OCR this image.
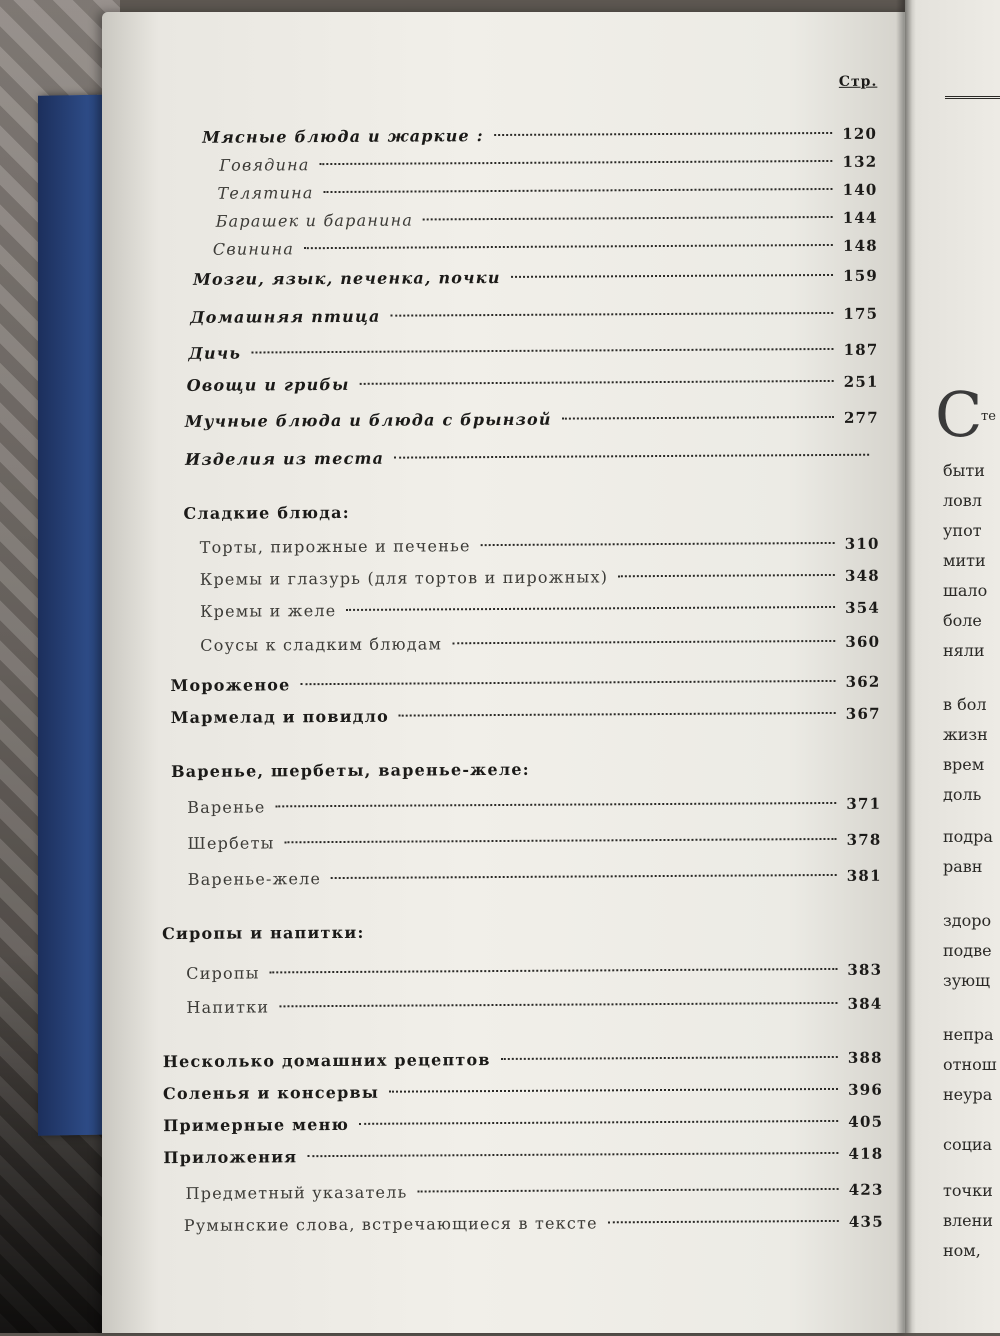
Стр.
Мясные блюда и жаркие :	120
Говядина	132
Телятина	140
Барашек и баранина	144
Свинина	148
Мозги, язык, печенка, почки	159
Домашняя птица	175
Дичь	187
Овощи и грибы	251
Мучные блюда и блюда с брынзой	277
Изделия из теста
Сладкие блюда:
Торты, пирожные и печенье	310
Кремы и глазурь (для тортов и пирожных)	348
Кремы и желе	354
Соусы к сладким блюдам	360
Мороженое	362
Мармелад и повидло	367
Варенье, шербеты, варенье-желе:
Варенье	371
Шербеты	378
Варенье-желе	381
Сиропы и напитки:
Сиропы	383
Напитки	384
Несколько домашних рецептов	388
Соленья и консервы	396
Примерные меню	405
Приложения	418
Предметный указатель	423
Румынские слова, встречающиеся в тексте	435
С
те
быти
ловл
упот
мити
шало
боле
няли
в бол
жизн
врем
доль
подра
равн
здоро
подве
зующ
непра
отнош
неура
социа
точки
влени
ном,
